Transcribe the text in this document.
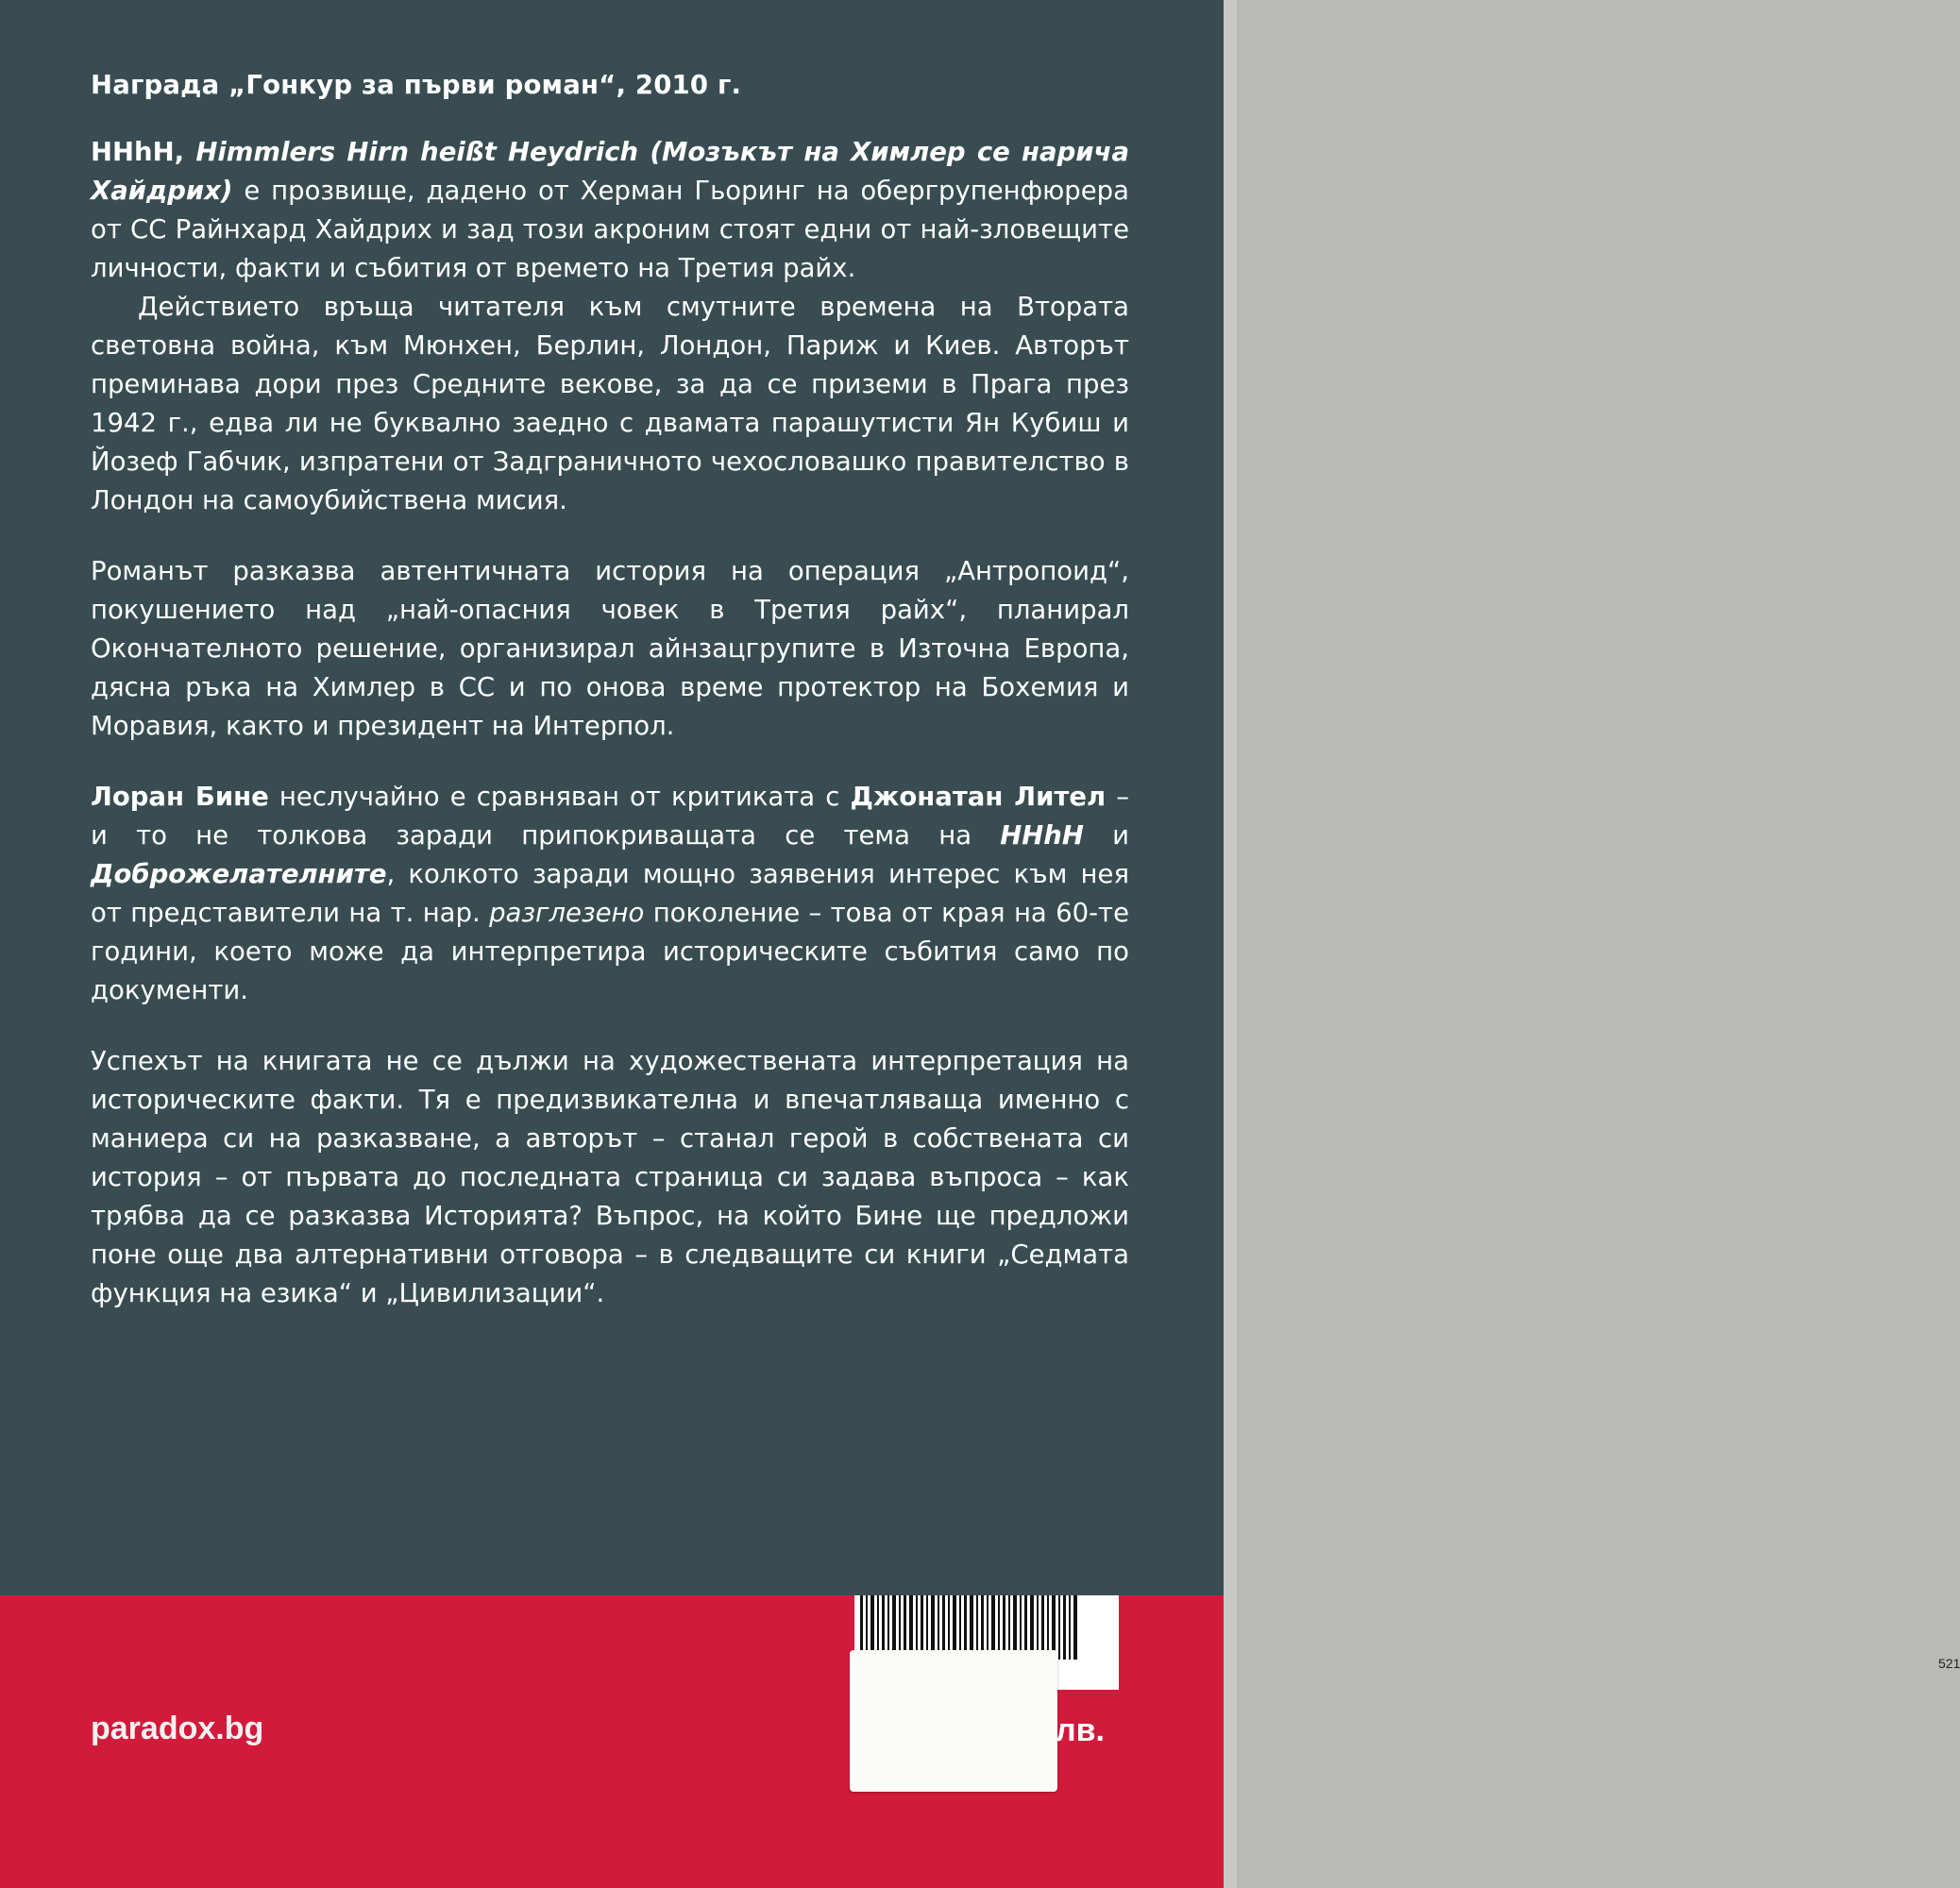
Награда „Гонкур за първи роман“, 2010 г.

HHhH, Himmlers Hirn heißt Heydrich (Мозъкът на Химлер се нарича Хайдрих) е прозвище, дадено от Херман Гьоринг на обергрупенфюрера от СС Райнхард Хайдрих и зад този акроним стоят едни от най-зловещите личности, факти и събития от времето на Третия райх.

Действието връща читателя към смутните времена на Втората световна война, към Мюнхен, Берлин, Лондон, Париж и Киев. Авторът преминава дори през Средните векове, за да се приземи в Прага през 1942 г., едва ли не буквално заедно с двамата парашутисти Ян Кубиш и Йозеф Габчик, изпратени от Задграничното чехословашко правителство в Лондон на самоубийствена мисия.

Романът разказва автентичната история на операция „Антропоид“, покушението над „най-опасния човек в Третия райх“, планирал Окончателното решение, организирал айнзацгрупите в Източна Европа, дясна ръка на Химлер в СС и по онова време протектор на Бохемия и Моравия, както и президент на Интерпол.

Лоран Бине неслучайно е сравняван от критиката с Джонатан Лител – и то не толкова заради припокриващата се тема на HHhH и Доброжелателните, колкото заради мощно заявения интерес към нея от представители на т. нар. разглезено поколение – това от края на 60-те години, което може да интерпретира историческите събития само по документи.

Успехът на книгата не се дължи на художествената интерпретация на историческите факти. Тя е предизвикателна и впечатляваща именно с маниера си на разказване, а авторът – станал герой в собствената си история – от първата до последната страница си задава въпроса – как трябва да се разказва Историята? Въпрос, на който Бине ще предложи поне още два алтернативни отговора – в следващите си книги „Седмата функция на езика“ и „Цивилизации“.

521
paradox.bg	лв.
